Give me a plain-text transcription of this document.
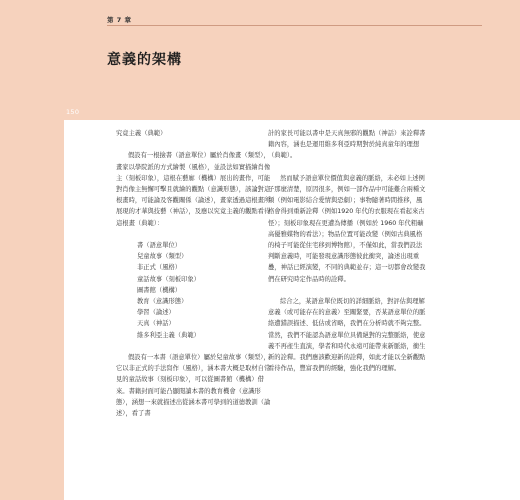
第 7 章
意義的架構
150

究竟主義（典範）

假設有一根撿書（語意單位）屬於肖像畫（類型），畫家以學院派的方式繪製（風格），並設法如實描繪肖像主（刻板印象），這根在藝廊（機構）展出的畫作，可能對肖像主無懈可擊且就繪的觀點（意識形態），該論對這根畫時，可能論及客觀關係（論述），畫家透過這根畫所展現的才華與技藝（神話），及應以究竟主義的觀點看待這根畫（典範）：

書（語意單位）
兒童故事（類型）
非正式（風格）
童話故事（刻板印象）
圖書館（機構）
教育（意識形態）
學習（論述）
天真（神話）
維多利亞主義（典範）

假設有一本書（語意單位）屬於兒童故事（類型），它以非正式的手法寫作（風格），涵本書大概是取材自常見的童話故事（刻板印象），可以從圖書館（機構）借來。書籍封面可能凸顯閱讀本書的教育機會（意識形態），涵想一來就描述出從涵本書可學到的道德教訓（論述），看了書

計的家長可能以書中是天真無邪的觀點（神話）來詮釋書籍內容，涵也是運用維多利亞時期對於純真童年的理想（典範）。

然而賦予語意單位價值與意義的脈絡，未必如上述例子那麼清楚，原因很多，例如一部作品中可能難合兩種文類（例如電影結合愛情與恐劇）；事物隨著時間推移，風格會得到重新詮釋（例如1920 年代的衣服現在看起來古怪）；刻板印象現在更遭為傳播（例如於 1960 年代粗礦高優雅媒物的看法）；物品位置可能改變（例如古典風格的椅子可能從住宅移到博物館），不僅如此，當我們設法判斷意義時，可能發現意識形態彼此衝突，論述出現重疊，神話已經演變，不同的典範並存；這一切都會改變我們在研究時定作品時的詮釋。

綜合之，某語意單位既切的詳細脈絡，對評估與理解意義（或可能存在的意義）至關緊要，否某語意單位的脈絡遭錯誤描述、低估或省略，我們在分析時就不夠完整。當然，我們不能認為語意單位具備絕對的完整脈絡，使意義不再產生直演，學者和時代永遠可能帶來新脈絡，衝生新的詮釋。我們應該歡迎新的詮釋，如此才能以全新觀點看待作品，豐富我們的經驗，強化我們的理解。
